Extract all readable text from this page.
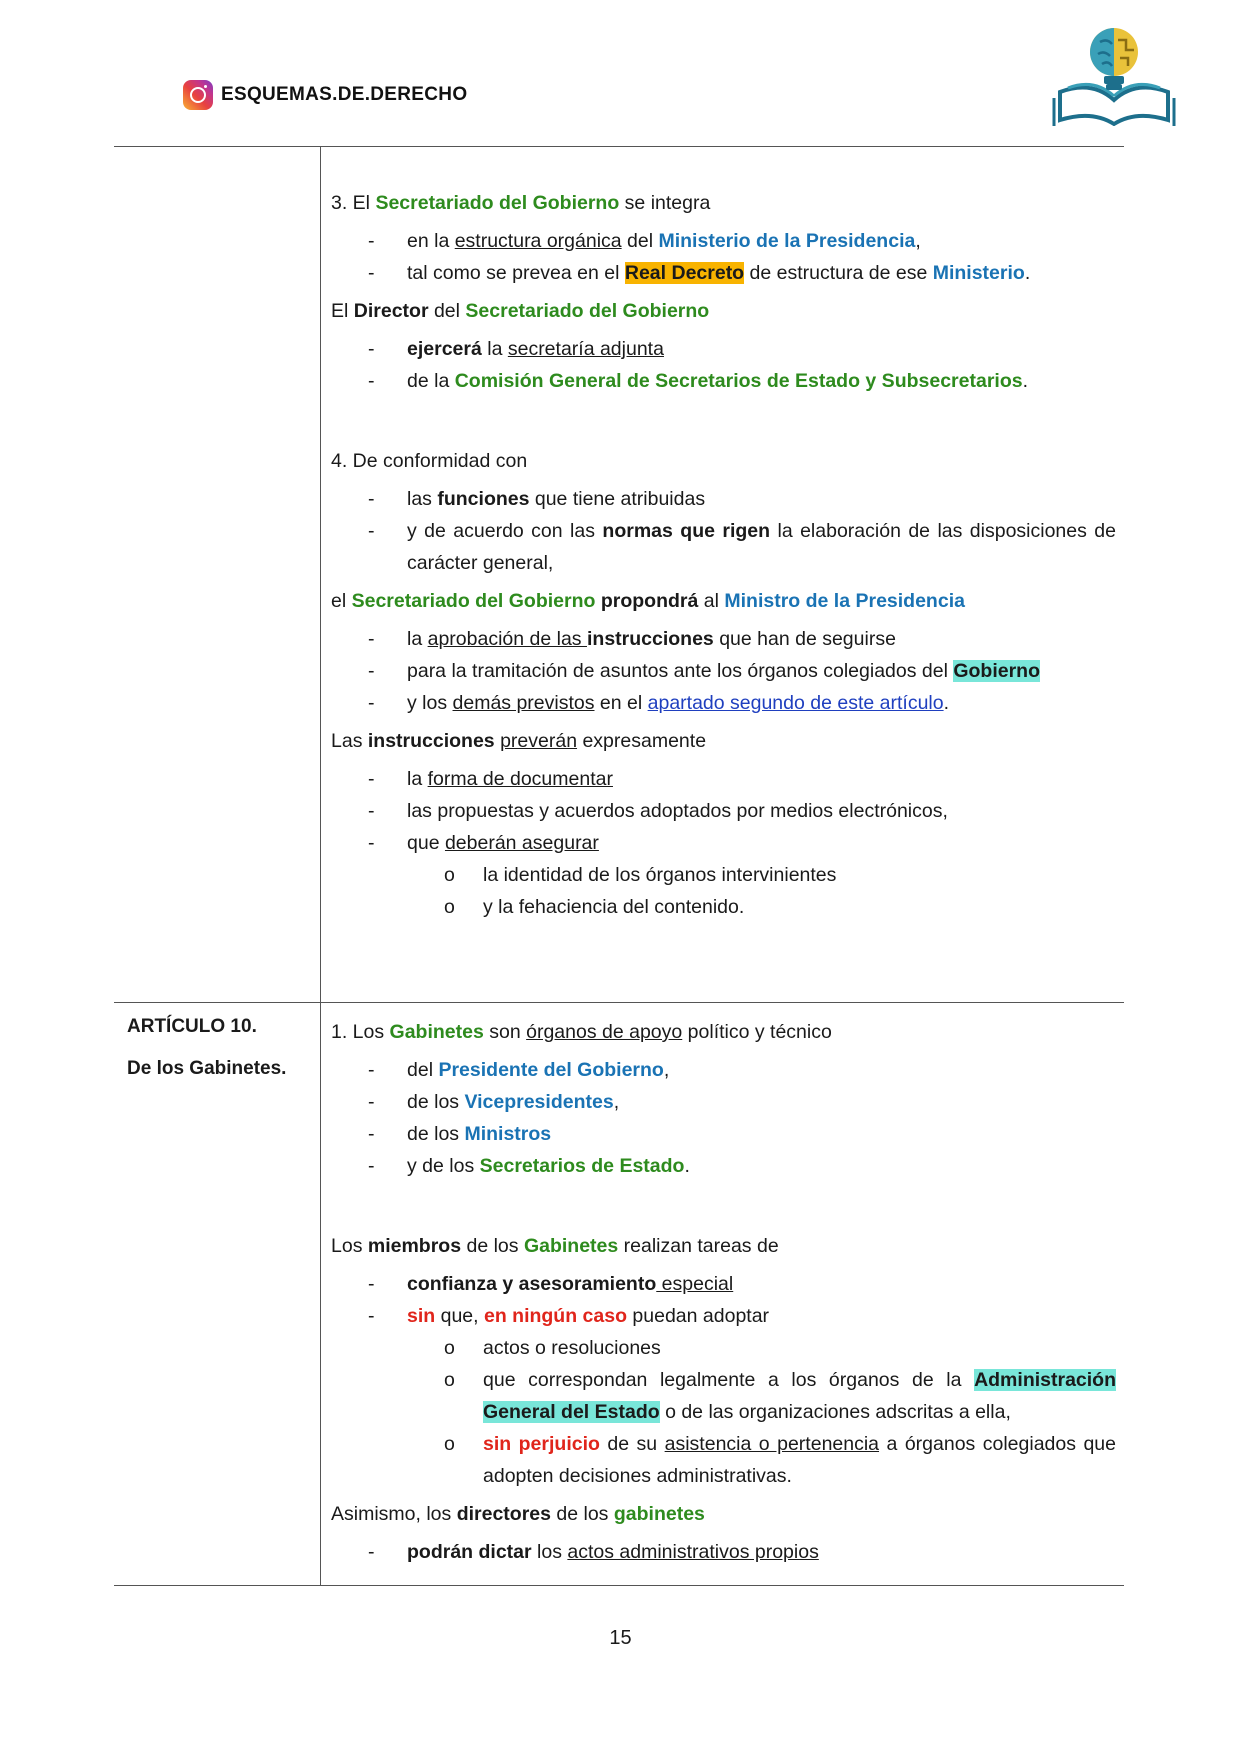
ESQUEMAS.DE.DERECHO
ARTÍCULO 10.
De los Gabinetes.

3. El Secretariado del Gobierno se integra

- en la estructura orgánica del Ministerio de la Presidencia,
- tal como se prevea en el Real Decreto de estructura de ese Ministerio.

El Director del Secretariado del Gobierno

- ejercerá la secretaría adjunta
- de la Comisión General de Secretarios de Estado y Subsecretarios.

4. De conformidad con

- las funciones que tiene atribuidas
- y de acuerdo con las normas que rigen la elaboración de las disposiciones de carácter general,

el Secretariado del Gobierno propondrá al Ministro de la Presidencia

- la aprobación de las instrucciones que han de seguirse
- para la tramitación de asuntos ante los órganos colegiados del Gobierno
- y los demás previstos en el apartado segundo de este artículo.

Las instrucciones preverán expresamente

- la forma de documentar
- las propuestas y acuerdos adoptados por medios electrónicos,
- que deberán asegurar
o la identidad de los órganos intervinientes
o y la fehaciencia del contenido.

1. Los Gabinetes son órganos de apoyo político y técnico

- del Presidente del Gobierno,
- de los Vicepresidentes,
- de los Ministros
- y de los Secretarios de Estado.

Los miembros de los Gabinetes realizan tareas de

- confianza y asesoramiento especial
- sin que, en ningún caso puedan adoptar
o actos o resoluciones
o que correspondan legalmente a los órganos de la Administración General del Estado o de las organizaciones adscritas a ella,
o sin perjuicio de su asistencia o pertenencia a órganos colegiados que adopten decisiones administrativas.

Asimismo, los directores de los gabinetes

- podrán dictar los actos administrativos propios
15
